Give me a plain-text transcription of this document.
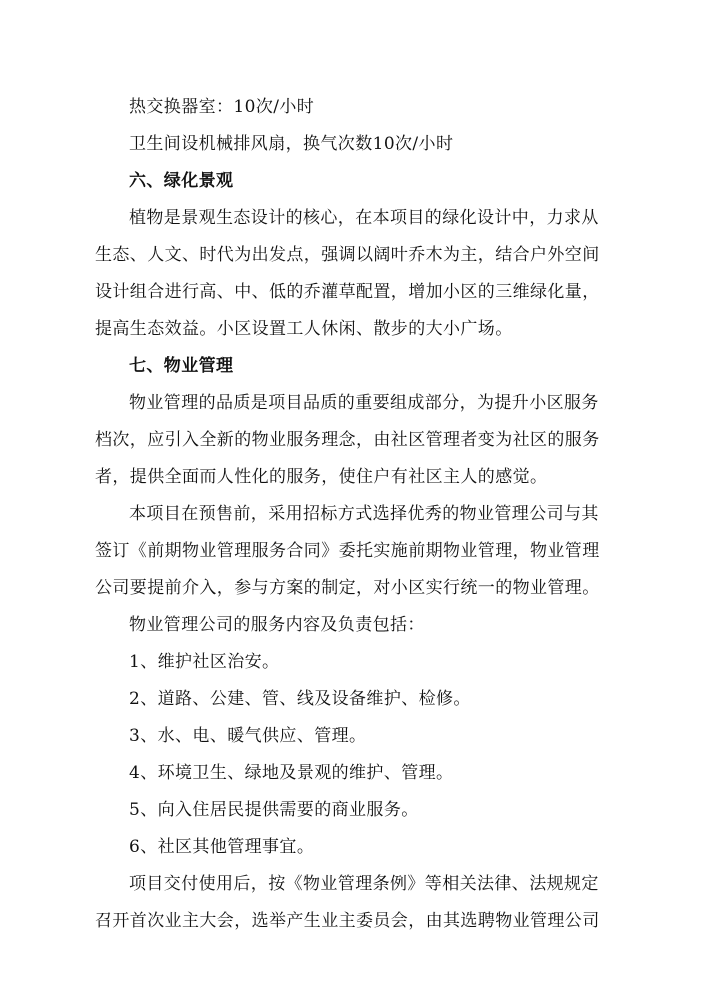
热交换器室：10次/小时
卫生间设机械排风扇，换气次数10次/小时
六、绿化景观
植物是景观生态设计的核心，在本项目的绿化设计中，力求从
生态、人文、时代为出发点，强调以阔叶乔木为主，结合户外空间
设计组合进行高、中、低的乔灌草配置，增加小区的三维绿化量，
提高生态效益。小区设置工人休闲、散步的大小广场。
七、物业管理
物业管理的品质是项目品质的重要组成部分，为提升小区服务
档次，应引入全新的物业服务理念，由社区管理者变为社区的服务
者，提供全面而人性化的服务，使住户有社区主人的感觉。
本项目在预售前，采用招标方式选择优秀的物业管理公司与其
签订《前期物业管理服务合同》委托实施前期物业管理，物业管理
公司要提前介入，参与方案的制定，对小区实行统一的物业管理。
物业管理公司的服务内容及负责包括：
1、维护社区治安。
2、道路、公建、管、线及设备维护、检修。
3、水、电、暖气供应、管理。
4、环境卫生、绿地及景观的维护、管理。
5、向入住居民提供需要的商业服务。
6、社区其他管理事宜。
项目交付使用后，按《物业管理条例》等相关法律、法规规定
召开首次业主大会，选举产生业主委员会，由其选聘物业管理公司
